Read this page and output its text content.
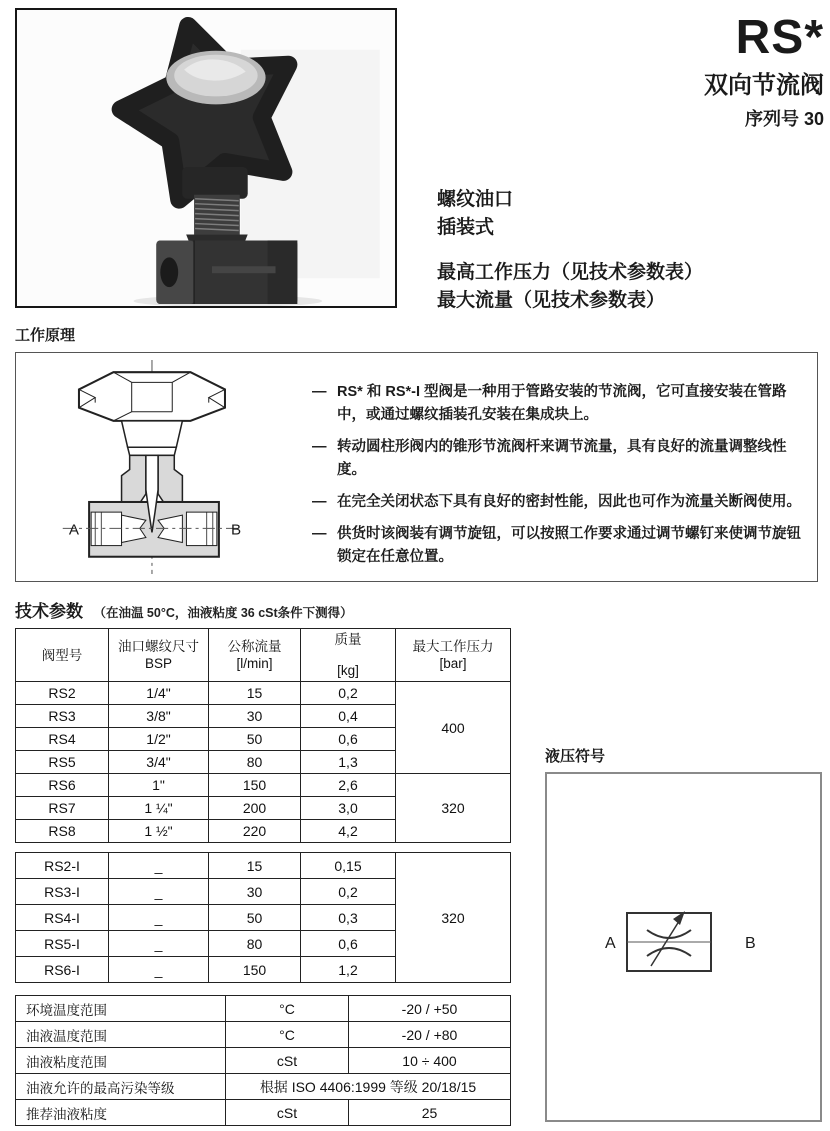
RS*
双向节流阀
序列号 30
螺纹油口
插装式
最高工作压力（见技术参数表）
最大流量（见技术参数表）
工作原理
A	B
— RS* 和 RS*-I 型阀是一种用于管路安装的节流阀，它可直接安装在管路中，或通过螺纹插装孔安装在集成块上。
— 转动圆柱形阀内的锥形节流阀杆来调节流量，具有良好的流量调整线性度。
— 在完全关闭状态下具有良好的密封性能，因此也可作为流量关断阀使用。
— 供货时该阀装有调节旋钮，可以按照工作要求通过调节螺钉来使调节旋钮锁定在任意位置。
技术参数 （在油温 50°C，油液粘度 36 cSt条件下测得）
阀型号

油口螺纹尺寸
BSP

公称流量
[l/min]

质量
[kg]

最大工作压力
[bar]

RS2	1/4"	15	0,2	400
RS3	3/8"	30	0,4	
RS4	1/2"	50	0,6	
RS5	3/4"	80	1,3	
RS6	1"	150	2,6	320
RS7	1 ¼"	200	3,0	
RS8	1 ½"	220	4,2	
RS2-I	_	15	0,15	320
RS3-I	_	30	0,2	
RS4-I	_	50	0,3	
RS5-I	_	80	0,6	
RS6-I	_	150	1,2	
环境温度范围	°C	-20 / +50
油液温度范围	°C	-20 / +80
油液粘度范围	cSt	10 ÷ 400
油液允许的最高污染等级	根据 ISO 4406:1999 等级 20/18/15	
推荐油液粘度	cSt	25
液压符号
A	B
